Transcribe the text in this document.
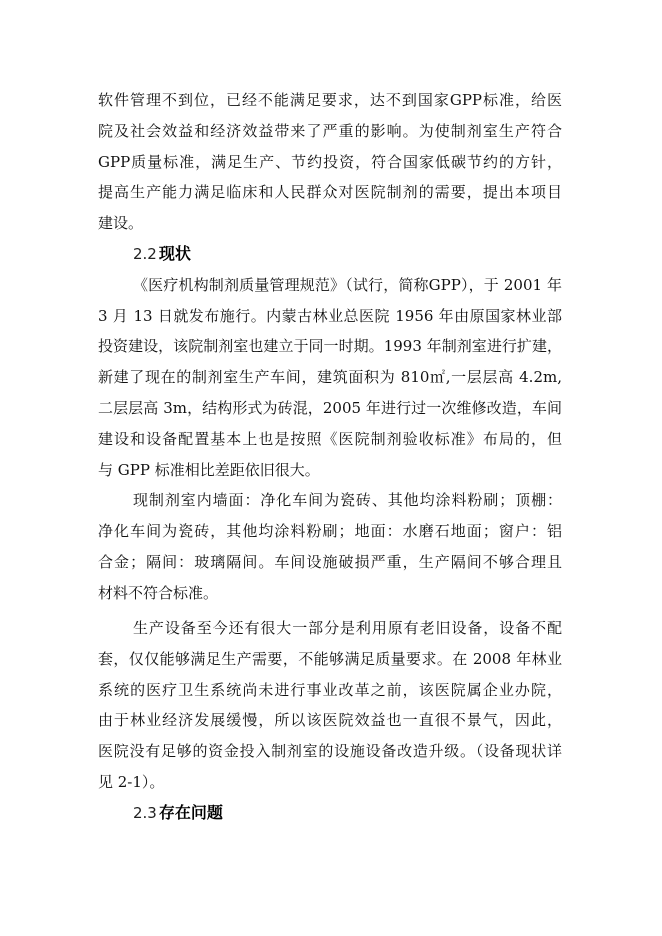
软件管理不到位，已经不能满足要求，达不到国家GPP标准，给医
院及社会效益和经济效益带来了严重的影响。为使制剂室生产符合
GPP质量标准，满足生产、节约投资，符合国家低碳节约的方针，
提高生产能力满足临床和人民群众对医院制剂的需要，提出本项目
建设。
2.2 现状
《医疗机构制剂质量管理规范》（试行，简称GPP），于 2001 年
3 月 13 日就发布施行。内蒙古林业总医院 1956 年由原国家林业部
投资建设，该院制剂室也建立于同一时期。1993 年制剂室进行扩建，
新建了现在的制剂室生产车间，建筑面积为 810㎡,一层层高 4.2m,
二层层高 3m，结构形式为砖混，2005 年进行过一次维修改造，车间
建设和设备配置基本上也是按照《医院制剂验收标准》布局的，但
与 GPP 标准相比差距依旧很大。
现制剂室内墙面：净化车间为瓷砖、其他均涂料粉刷；顶棚：
净化车间为瓷砖，其他均涂料粉刷；地面：水磨石地面；窗户：铝
合金；隔间：玻璃隔间。车间设施破损严重，生产隔间不够合理且
材料不符合标准。
生产设备至今还有很大一部分是利用原有老旧设备，设备不配
套，仅仅能够满足生产需要，不能够满足质量要求。在 2008 年林业
系统的医疗卫生系统尚未进行事业改革之前，该医院属企业办院，
由于林业经济发展缓慢，所以该医院效益也一直很不景气，因此，
医院没有足够的资金投入制剂室的设施设备改造升级。（设备现状详
见 2-1）。
2.3 存在问题
